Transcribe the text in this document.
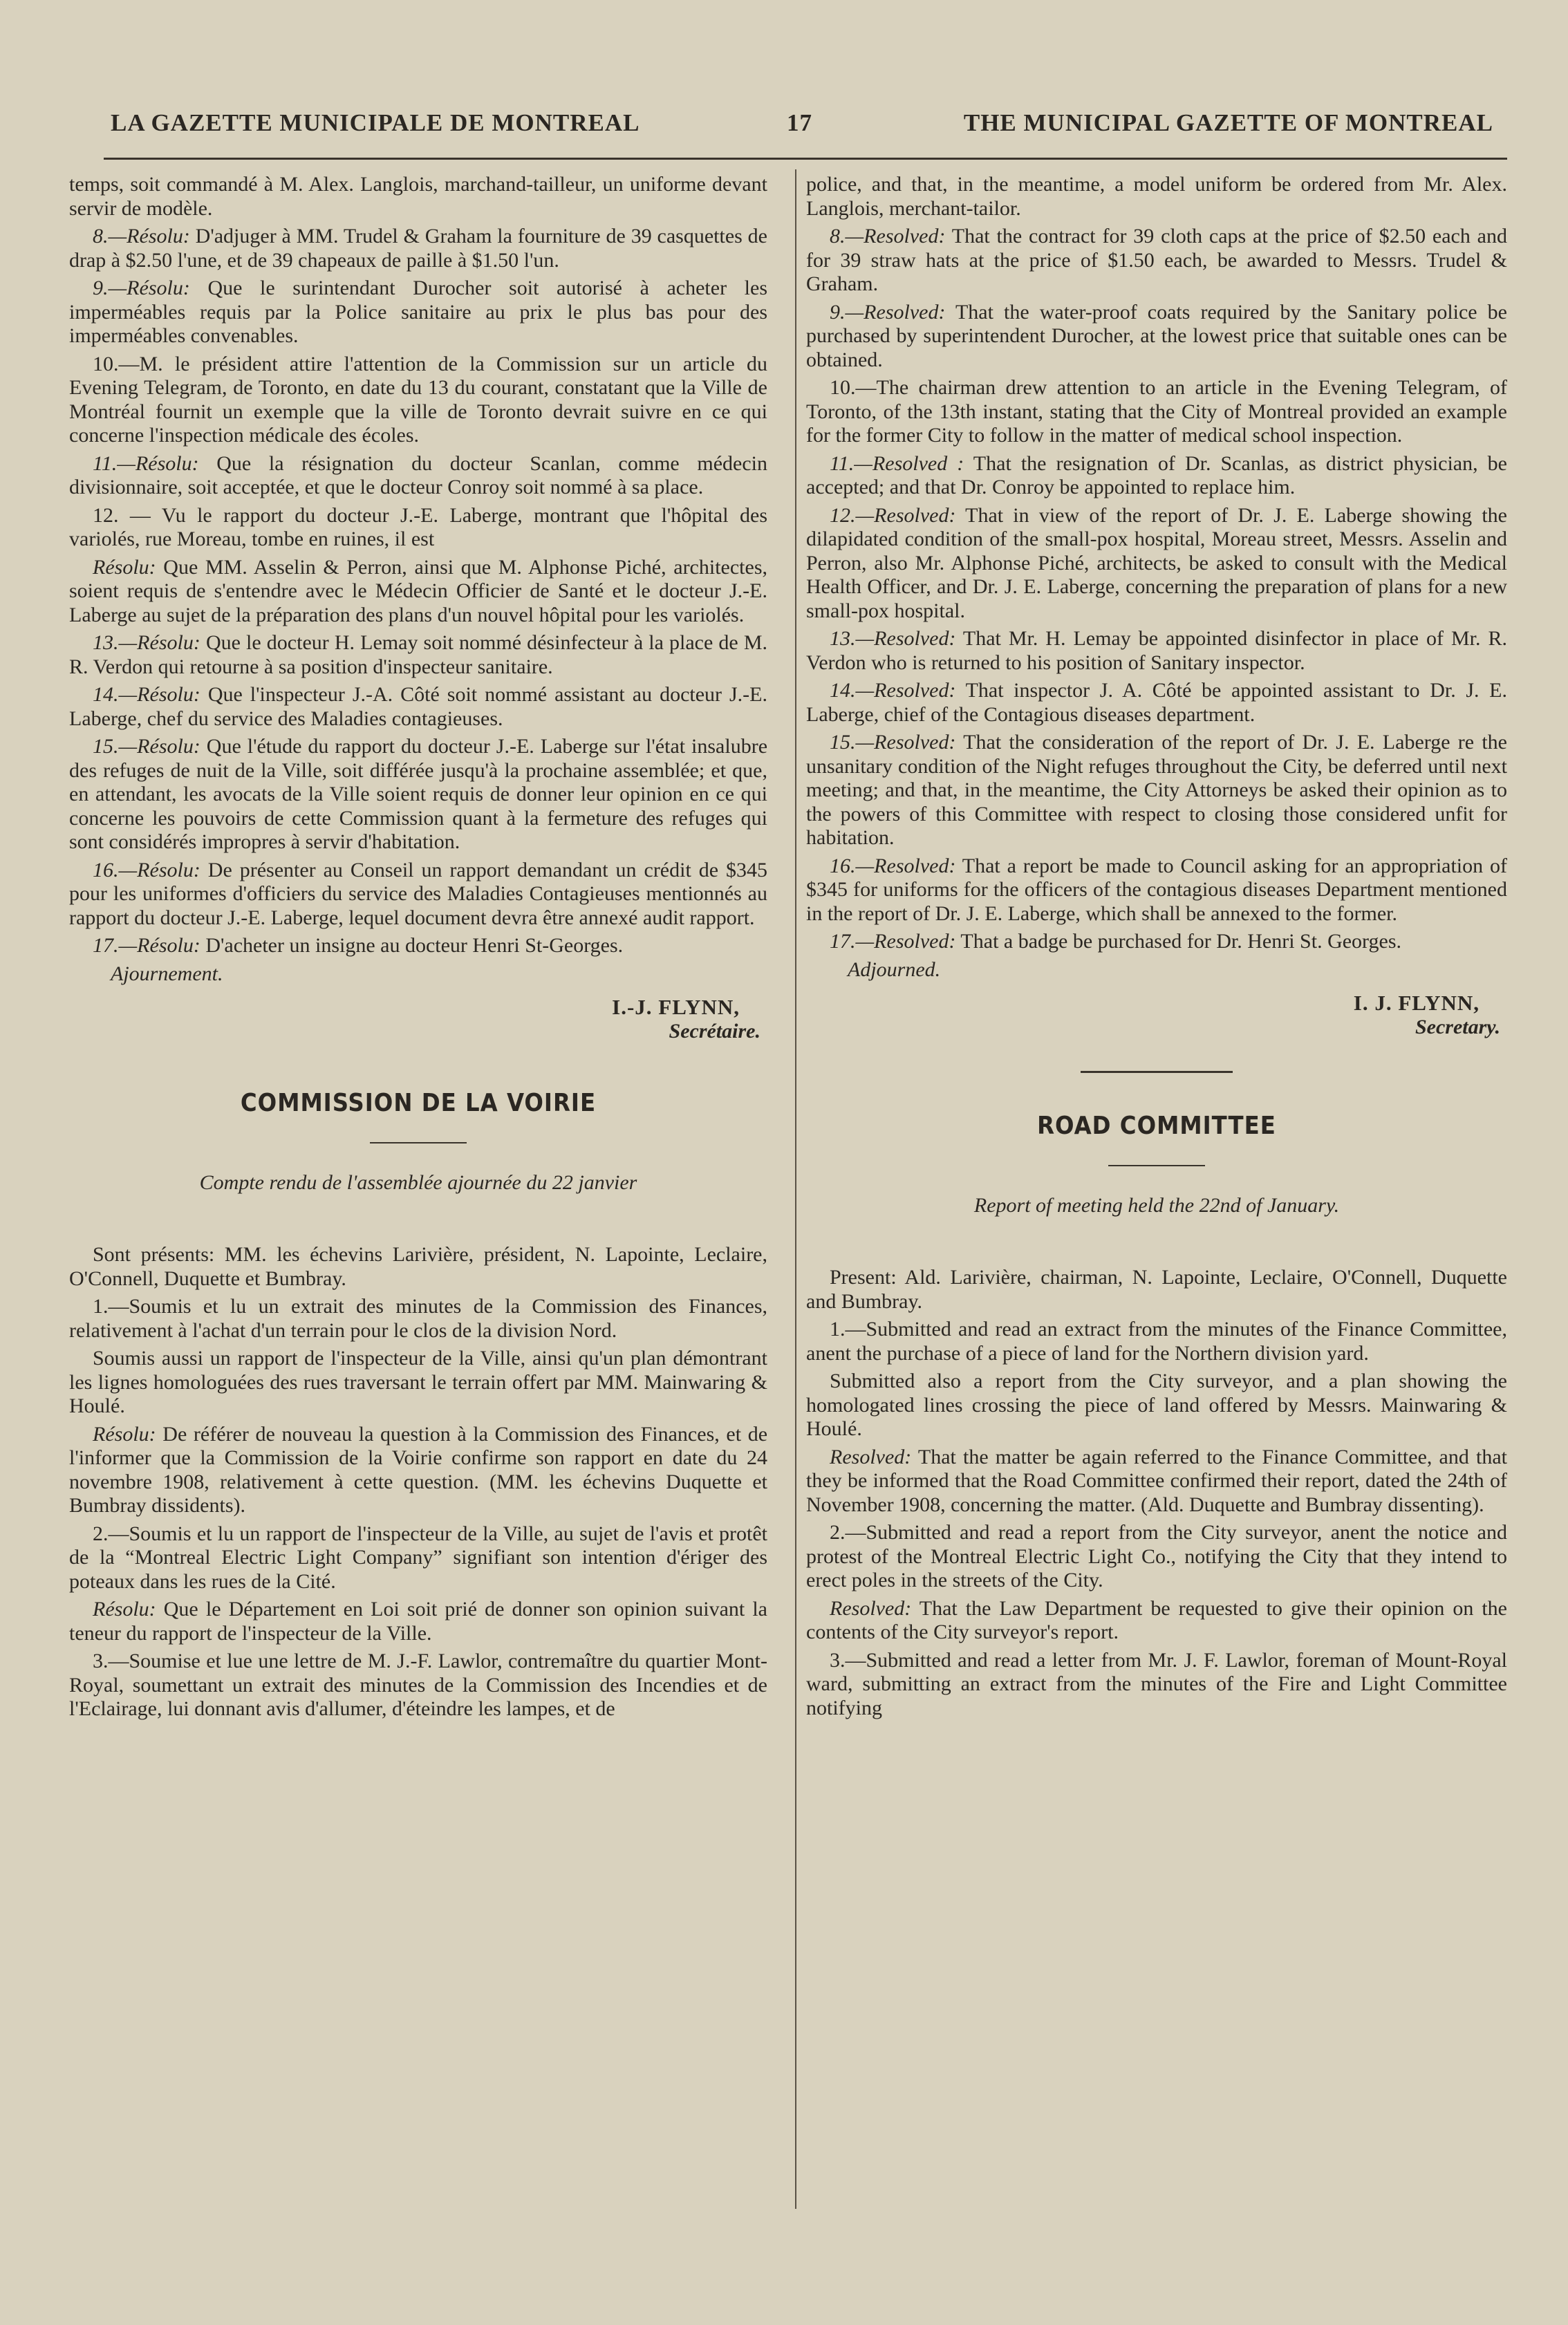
LA GAZETTE MUNICIPALE DE MONTREAL	17	THE MUNICIPAL GAZETTE OF MONTREAL

temps, soit commandé à M. Alex. Langlois, marchand-tailleur, un uniforme devant servir de modèle.

8.—Résolu: D'adjuger à MM. Trudel & Graham la fourniture de 39 casquettes de drap à $2.50 l'une, et de 39 chapeaux de paille à $1.50 l'un.

9.—Résolu: Que le surintendant Durocher soit autorisé à acheter les imperméables requis par la Police sanitaire au prix le plus bas pour des imperméables convenables.

10.—M. le président attire l'attention de la Commission sur un article du Evening Telegram, de Toronto, en date du 13 du courant, constatant que la Ville de Montréal fournit un exemple que la ville de Toronto devrait suivre en ce qui concerne l'inspection médicale des écoles.

11.—Résolu: Que la résignation du docteur Scanlan, comme médecin divisionnaire, soit acceptée, et que le docteur Conroy soit nommé à sa place.

12. — Vu le rapport du docteur J.-E. Laberge, montrant que l'hôpital des variolés, rue Moreau, tombe en ruines, il est

Résolu: Que MM. Asselin & Perron, ainsi que M. Alphonse Piché, architectes, soient requis de s'entendre avec le Médecin Officier de Santé et le docteur J.-E. Laberge au sujet de la préparation des plans d'un nouvel hôpital pour les variolés.

13.—Résolu: Que le docteur H. Lemay soit nommé désinfecteur à la place de M. R. Verdon qui retourne à sa position d'inspecteur sanitaire.

14.—Résolu: Que l'inspecteur J.-A. Côté soit nommé assistant au docteur J.-E. Laberge, chef du service des Maladies contagieuses.

15.—Résolu: Que l'étude du rapport du docteur J.-E. Laberge sur l'état insalubre des refuges de nuit de la Ville, soit différée jusqu'à la prochaine assemblée; et que, en attendant, les avocats de la Ville soient requis de donner leur opinion en ce qui concerne les pouvoirs de cette Commission quant à la fermeture des refuges qui sont considérés impropres à servir d'habitation.

16.—Résolu: De présenter au Conseil un rapport demandant un crédit de $345 pour les uniformes d'officiers du service des Maladies Contagieuses mentionnés au rapport du docteur J.-E. Laberge, lequel document devra être annexé audit rapport.

17.—Résolu: D'acheter un insigne au docteur Henri St-Georges.

Ajournement.

I.-J. FLYNN,
Secrétaire.
COMMISSION DE LA VOIRIE
Compte rendu de l'assemblée ajournée du 22 janvier

Sont présents: MM. les échevins Larivière, président, N. Lapointe, Leclaire, O'Connell, Duquette et Bumbray.

1.—Soumis et lu un extrait des minutes de la Commission des Finances, relativement à l'achat d'un terrain pour le clos de la division Nord.

Soumis aussi un rapport de l'inspecteur de la Ville, ainsi qu'un plan démontrant les lignes homologuées des rues traversant le terrain offert par MM. Mainwaring & Houlé.

Résolu: De référer de nouveau la question à la Commission des Finances, et de l'informer que la Commission de la Voirie confirme son rapport en date du 24 novembre 1908, relativement à cette question. (MM. les échevins Duquette et Bumbray dissidents).

2.—Soumis et lu un rapport de l'inspecteur de la Ville, au sujet de l'avis et protêt de la “Montreal Electric Light Company” signifiant son intention d'ériger des poteaux dans les rues de la Cité.

Résolu: Que le Département en Loi soit prié de donner son opinion suivant la teneur du rapport de l'inspecteur de la Ville.

3.—Soumise et lue une lettre de M. J.-F. Lawlor, contremaître du quartier Mont-Royal, soumettant un extrait des minutes de la Commission des Incendies et de l'Eclairage, lui donnant avis d'allumer, d'éteindre les lampes, et de

police, and that, in the meantime, a model uniform be ordered from Mr. Alex. Langlois, merchant-tailor.

8.—Resolved: That the contract for 39 cloth caps at the price of $2.50 each and for 39 straw hats at the price of $1.50 each, be awarded to Messrs. Trudel & Graham.

9.—Resolved: That the water-proof coats required by the Sanitary police be purchased by superintendent Durocher, at the lowest price that suitable ones can be obtained.

10.—The chairman drew attention to an article in the Evening Telegram, of Toronto, of the 13th instant, stating that the City of Montreal provided an example for the former City to follow in the matter of medical school inspection.

11.—Resolved : That the resignation of Dr. Scanlas, as district physician, be accepted; and that Dr. Conroy be appointed to replace him.

12.—Resolved: That in view of the report of Dr. J. E. Laberge showing the dilapidated condition of the small-pox hospital, Moreau street, Messrs. Asselin and Perron, also Mr. Alphonse Piché, architects, be asked to consult with the Medical Health Officer, and Dr. J. E. Laberge, concerning the preparation of plans for a new small-pox hospital.

13.—Resolved: That Mr. H. Lemay be appointed disinfector in place of Mr. R. Verdon who is returned to his position of Sanitary inspector.

14.—Resolved: That inspector J. A. Côté be appointed assistant to Dr. J. E. Laberge, chief of the Contagious diseases department.

15.—Resolved: That the consideration of the report of Dr. J. E. Laberge re the unsanitary condition of the Night refuges throughout the City, be deferred until next meeting; and that, in the meantime, the City Attorneys be asked their opinion as to the powers of this Committee with respect to closing those considered unfit for habitation.

16.—Resolved: That a report be made to Council asking for an appropriation of $345 for uniforms for the officers of the contagious diseases Department mentioned in the report of Dr. J. E. Laberge, which shall be annexed to the former.

17.—Resolved: That a badge be purchased for Dr. Henri St. Georges.

Adjourned.

I. J. FLYNN,
Secretary.
ROAD COMMITTEE
Report of meeting held the 22nd of January.

Present: Ald. Larivière, chairman, N. Lapointe, Leclaire, O'Connell, Duquette and Bumbray.

1.—Submitted and read an extract from the minutes of the Finance Committee, anent the purchase of a piece of land for the Northern division yard.

Submitted also a report from the City surveyor, and a plan showing the homologated lines crossing the piece of land offered by Messrs. Mainwaring & Houlé.

Resolved: That the matter be again referred to the Finance Committee, and that they be informed that the Road Committee confirmed their report, dated the 24th of November 1908, concerning the matter. (Ald. Duquette and Bumbray dissenting).

2.—Submitted and read a report from the City surveyor, anent the notice and protest of the Montreal Electric Light Co., notifying the City that they intend to erect poles in the streets of the City.

Resolved: That the Law Department be requested to give their opinion on the contents of the City surveyor's report.

3.—Submitted and read a letter from Mr. J. F. Lawlor, foreman of Mount-Royal ward, submitting an extract from the minutes of the Fire and Light Committee notifying
